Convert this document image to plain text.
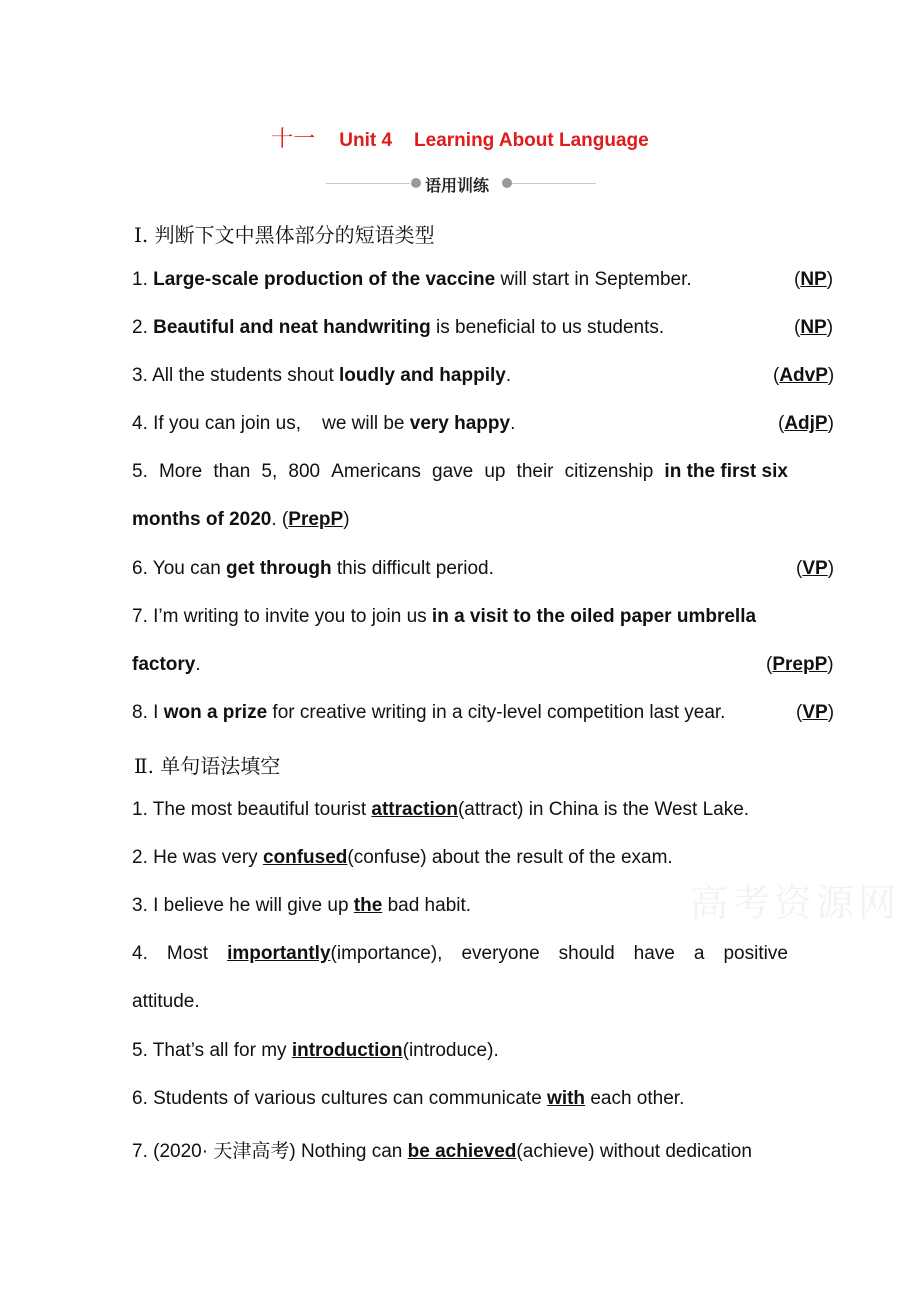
十一 Unit 4 Learning About Language
语用训练
Ⅰ. 判断下文中黑体部分的短语类型
1. Large-scale production of the vaccine will start in September.	(NP)
2. Beautiful and neat handwriting is beneficial to us students.	(NP)
3. All the students shout loudly and happily.	(AdvP)
4. If you can join us,    we will be very happy.	(AdjP)
5. More than 5, 800 Americans gave up their citizenship in the first six
months of 2020. (PrepP)
6. You can get through this difficult period.	(VP)
7. I’m writing to invite you to join us in a visit to the oiled paper umbrella
factory.	(PrepP)
8. I won a prize for creative writing in a city-level competition last year.	(VP)
Ⅱ. 单句语法填空
1. The most beautiful tourist attraction(attract) in China is the West Lake.
2. He was very confused(confuse) about the result of the exam.
3. I believe he will give up the bad habit.
4. Most importantly(importance), everyone should have a positive
attitude.
5. That’s all for my introduction(introduce).
6. Students of various cultures can communicate with each other.
7. (2020· 天津高考) Nothing can be achieved(achieve) without dedication
高考资源网
